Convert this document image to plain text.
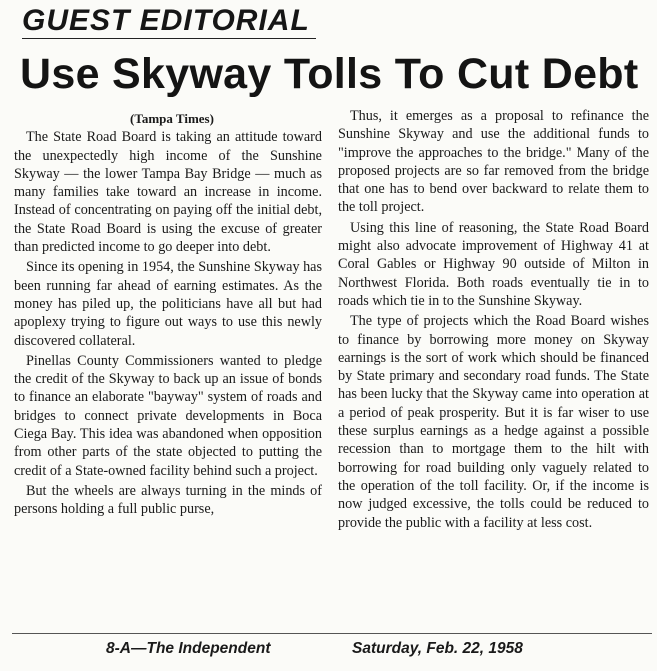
GUEST EDITORIAL
Use Skyway Tolls To Cut Debt
(Tampa Times)

The State Road Board is taking an attitude toward the unexpectedly high income of the Sunshine Skyway — the lower Tampa Bay Bridge — much as many families take toward an increase in income. Instead of concentrating on paying off the initial debt, the State Road Board is using the excuse of greater than predicted income to go deeper into debt.

Since its opening in 1954, the Sunshine Skyway has been running far ahead of earning estimates. As the money has piled up, the politicians have all but had apoplexy trying to figure out ways to use this newly discovered collateral.

Pinellas County Commissioners wanted to pledge the credit of the Skyway to back up an issue of bonds to finance an elaborate "bayway" system of roads and bridges to connect private developments in Boca Ciega Bay. This idea was abandoned when opposition from other parts of the state objected to putting the credit of a State-owned facility behind such a project.

But the wheels are always turning in the minds of persons holding a full public purse,

Thus, it emerges as a proposal to refinance the Sunshine Skyway and use the additional funds to "improve the approaches to the bridge." Many of the proposed projects are so far removed from the bridge that one has to bend over backward to relate them to the toll project.

Using this line of reasoning, the State Road Board might also advocate improvement of Highway 41 at Coral Gables or Highway 90 outside of Milton in Northwest Florida. Both roads eventually tie in to roads which tie in to the Sunshine Skyway.

The type of projects which the Road Board wishes to finance by borrowing more money on Skyway earnings is the sort of work which should be financed by State primary and secondary road funds. The State has been lucky that the Skyway came into operation at a period of peak prosperity. But it is far wiser to use these surplus earnings as a hedge against a possible recession than to mortgage them to the hilt with borrowing for road building only vaguely related to the operation of the toll facility. Or, if the income is now judged excessive, the tolls could be reduced to provide the public with a facility at less cost.

8-A—The Independent	Saturday, Feb. 22, 1958
